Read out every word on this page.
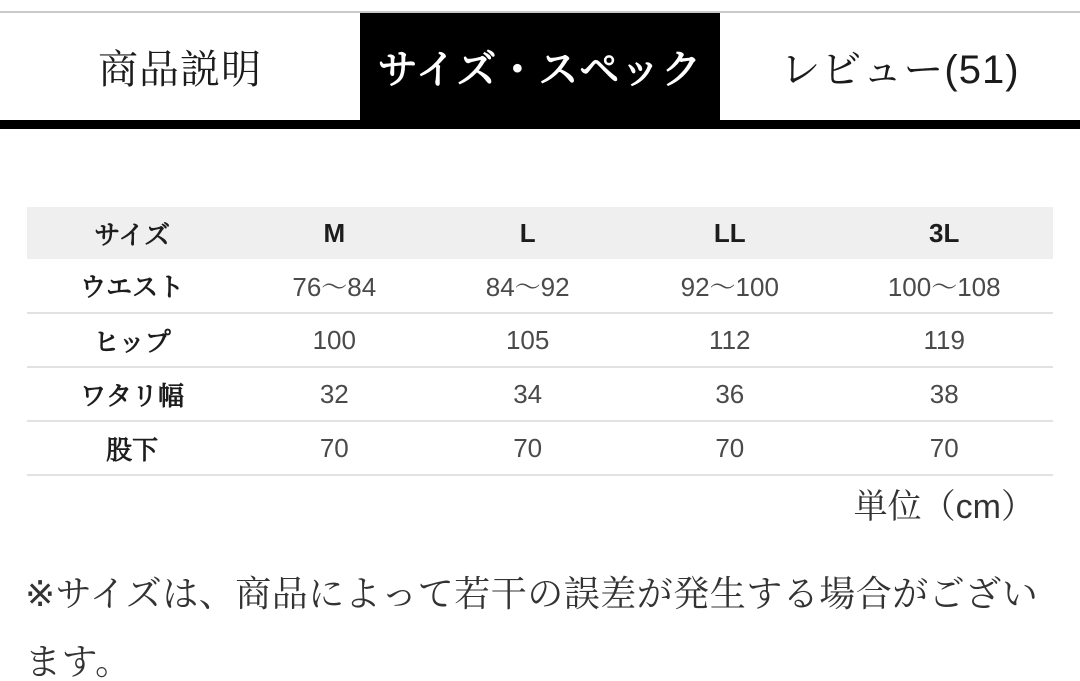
商品説明	サイズ・スペック	レビュー(51)
サイズ	M	L	LL	3L
ウエスト	76〜84	84〜92	92〜100	100〜108
ヒップ	100	105	112	119
ワタリ幅	32	34	36	38
股下	70	70	70	70
単位（cm）

※サイズは、商品によって若干の誤差が発生する場合がございます。
